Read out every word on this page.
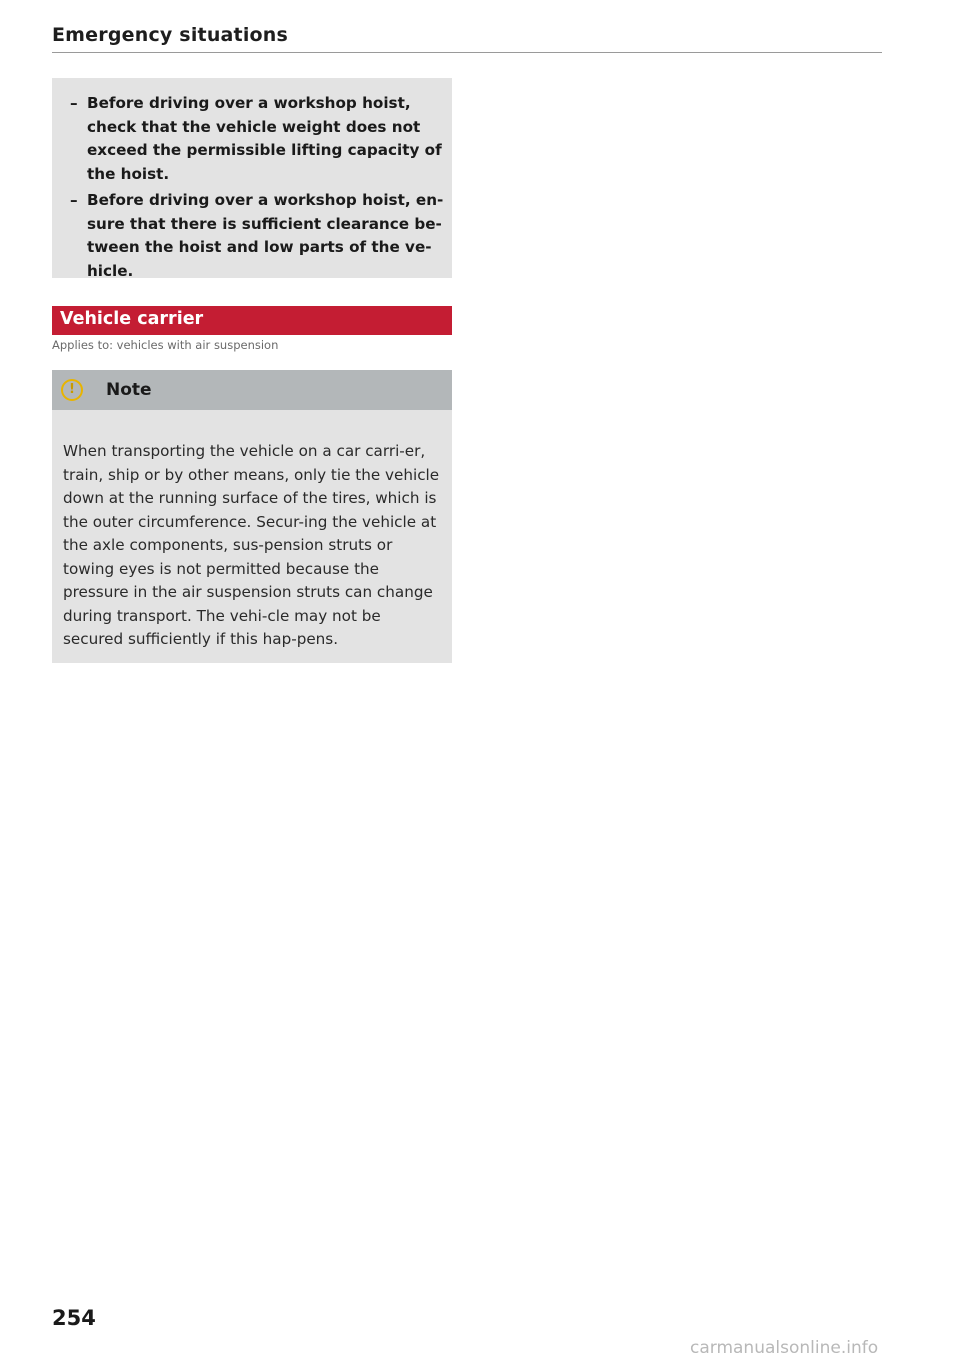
Emergency situations
– Before driving over a workshop hoist, check that the vehicle weight does not exceed the permissible lifting capacity of the hoist.
– Before driving over a workshop hoist, en-sure that there is sufficient clearance be-tween the hoist and low parts of the ve-hicle.
Vehicle carrier
Applies to: vehicles with air suspension
!	Note

When transporting the vehicle on a car carri-er, train, ship or by other means, only tie the vehicle down at the running surface of the tires, which is the outer circumference. Secur-ing the vehicle at the axle components, sus-pension struts or towing eyes is not permitted because the pressure in the air suspension struts can change during transport. The vehi-cle may not be secured sufficiently if this hap-pens.

254
carmanualsonline.info
